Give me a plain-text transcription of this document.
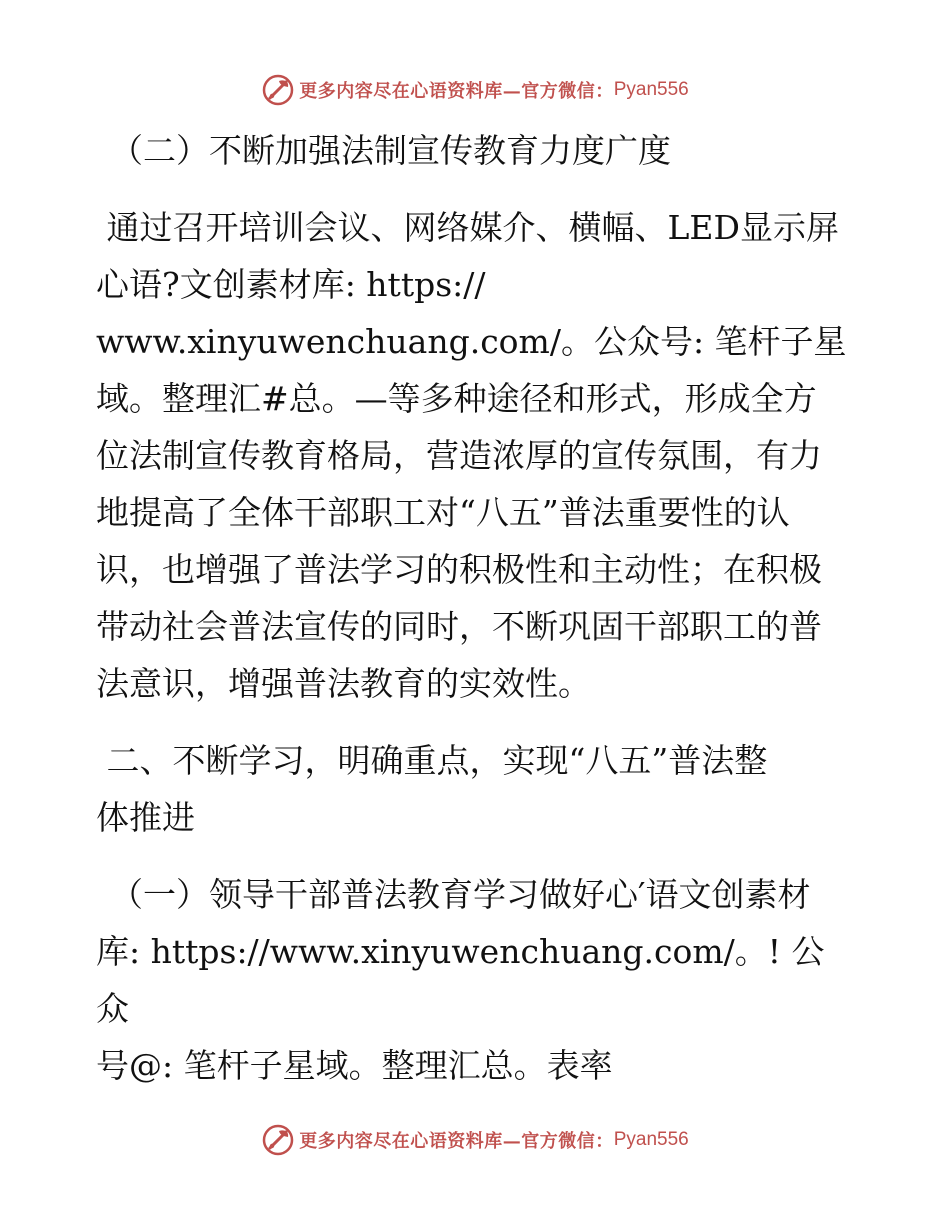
更多内容尽在心语资料库—官方微信： Pyan556

（二）不断加强法制宣传教育力度广度

通过召开培训会议、网络媒介、横幅、LED显示屏

心语?文创素材库: https://

www.xinyuwenchuang.com/。公众号: 笔杆子星

域。整理汇#总。—等多种途径和形式，形成全方

位法制宣传教育格局，营造浓厚的宣传氛围，有力

地提高了全体干部职工对“八五”普法重要性的认

识，也增强了普法学习的积极性和主动性；在积极

带动社会普法宣传的同时，不断巩固干部职工的普

法意识，增强普法教育的实效性。

二、不断学习，明确重点，实现“八五”普法整

体推进

（一）领导干部普法教育学习做好心′语文创素材

库: https://www.xinyuwenchuang.com/。! 公众

号@: 笔杆子星域。整理汇总。表率

更多内容尽在心语资料库—官方微信： Pyan556
